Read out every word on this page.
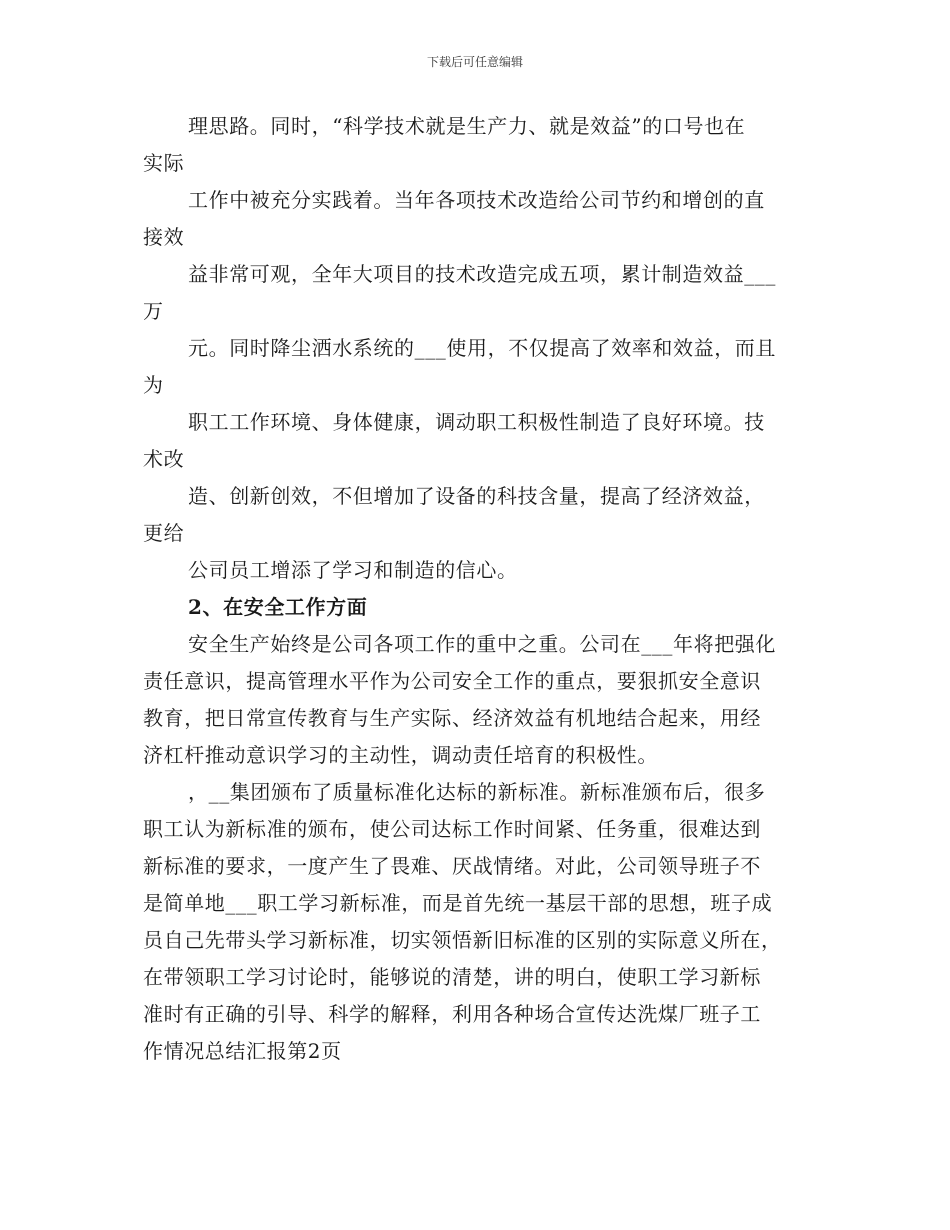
下载后可任意编辑
理思路。同时，“科学技术就是生产力、就是效益”的口号也在
实际
工作中被充分实践着。当年各项技术改造给公司节约和增创的直
接效
益非常可观，全年大项目的技术改造完成五项，累计制造效益___
万
元。同时降尘洒水系统的___使用，不仅提高了效率和效益，而且
为
职工工作环境、身体健康，调动职工积极性制造了良好环境。技
术改
造、创新创效，不但增加了设备的科技含量，提高了经济效益，
更给
公司员工增添了学习和制造的信心。
2、在安全工作方面
安全生产始终是公司各项工作的重中之重。公司在___年将把强化
责任意识，提高管理水平作为公司安全工作的重点，要狠抓安全意识
教育，把日常宣传教育与生产实际、经济效益有机地结合起来，用经
济杠杆推动意识学习的主动性，调动责任培育的积极性。
，__集团颁布了质量标准化达标的新标准。新标准颁布后，很多
职工认为新标准的颁布，使公司达标工作时间紧、任务重，很难达到
新标准的要求，一度产生了畏难、厌战情绪。对此，公司领导班子不
是简单地___职工学习新标准，而是首先统一基层干部的思想，班子成
员自己先带头学习新标准，切实领悟新旧标准的区别的实际意义所在，
在带领职工学习讨论时，能够说的清楚，讲的明白，使职工学习新标
准时有正确的引导、科学的解释，利用各种场合宣传达洗煤厂班子工
作情况总结汇报第2页
